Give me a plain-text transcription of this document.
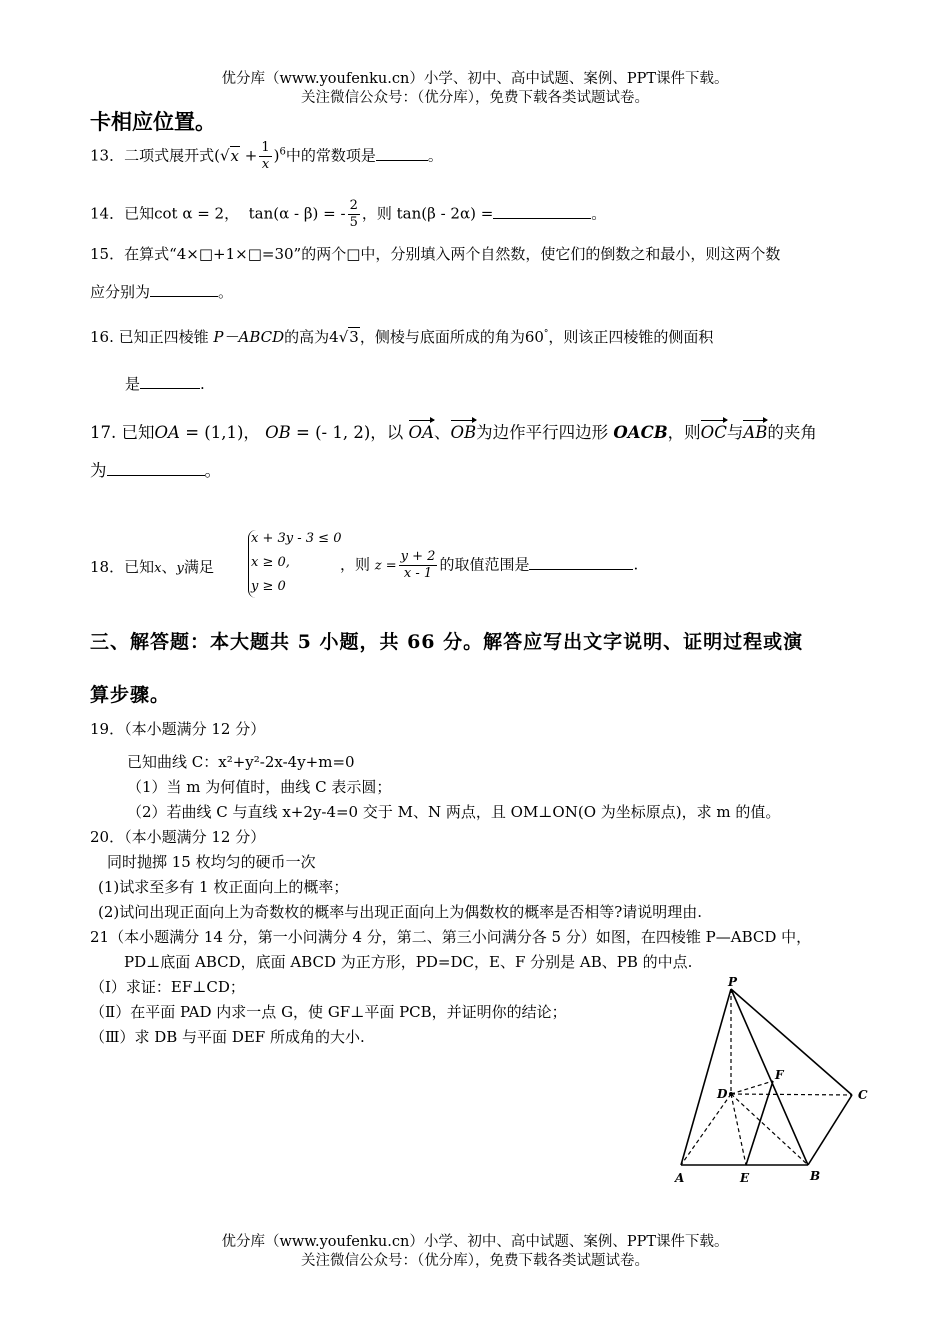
优分库（www.youfenku.cn）小学、初中、高中试题、案例、PPT课件下载。
关注微信公众号：（优分库），免费下载各类试题试卷。
卡相应位置。
13．二项式展开式$(√x + \frac{1}{x} )^6$中的常数项是	。
14．已知cot α = 2， tan(α - β) = - $\frac{2}{5}$ ，则 tan(β - 2α) =	。
15．在算式“4×□+1×□=30”的两个□中，分别填入两个自然数，使它们的倒数之和最小，则这两个数
应分别为	。
16. 已知正四棱锥 P－ABCD的高为4√3，侧棱与底面所成的角为60°，则该正四棱锥的侧面积
是	.
17. 已知OA = (1,1)， OB = (- 1, 2)，以 OA、OB为边作平行四边形 OACB，则OC与AB的夹角
为	。
18．已知x、y满足
x + 3y - 3 ≤ 0
x ≥ 0,
y ≥ 0
，则 $z = \frac{y + 2}{x - 1}$ 的取值范围是	.
三、解答题：本大题共 5 小题，共 66 分。解答应写出文字说明、证明过程或演
算步骤。
19．（本小题满分 12 分）
已知曲线 C：x²+y²-2x-4y+m=0
（1）当 m 为何值时，曲线 C 表示圆；
（2）若曲线 C 与直线 x+2y-4=0 交于 M、N 两点，且 OM⊥ON(O 为坐标原点)，求 m 的值。
20．（本小题满分 12 分）
同时抛掷 15 枚均匀的硬币一次
(1)试求至多有 1 枚正面向上的概率；
(2)试问出现正面向上为奇数枚的概率与出现正面向上为偶数枚的概率是否相等?请说明理由.
21（本小题满分 14 分，第一小问满分 4 分，第二、第三小问满分各 5 分）如图，在四棱锥 P—ABCD 中，
PD⊥底面 ABCD，底面 ABCD 为正方形，PD=DC，E、F 分别是 AB、PB 的中点.
（Ⅰ）求证：EF⊥CD；
（Ⅱ）在平面 PAD 内求一点 G，使 GF⊥平面 PCB，并证明你的结论；
（Ⅲ）求 DB 与平面 DEF 所成角的大小.
P
A	E	B
C
D
F
优分库（www.youfenku.cn）小学、初中、高中试题、案例、PPT课件下载。
关注微信公众号：（优分库），免费下载各类试题试卷。
